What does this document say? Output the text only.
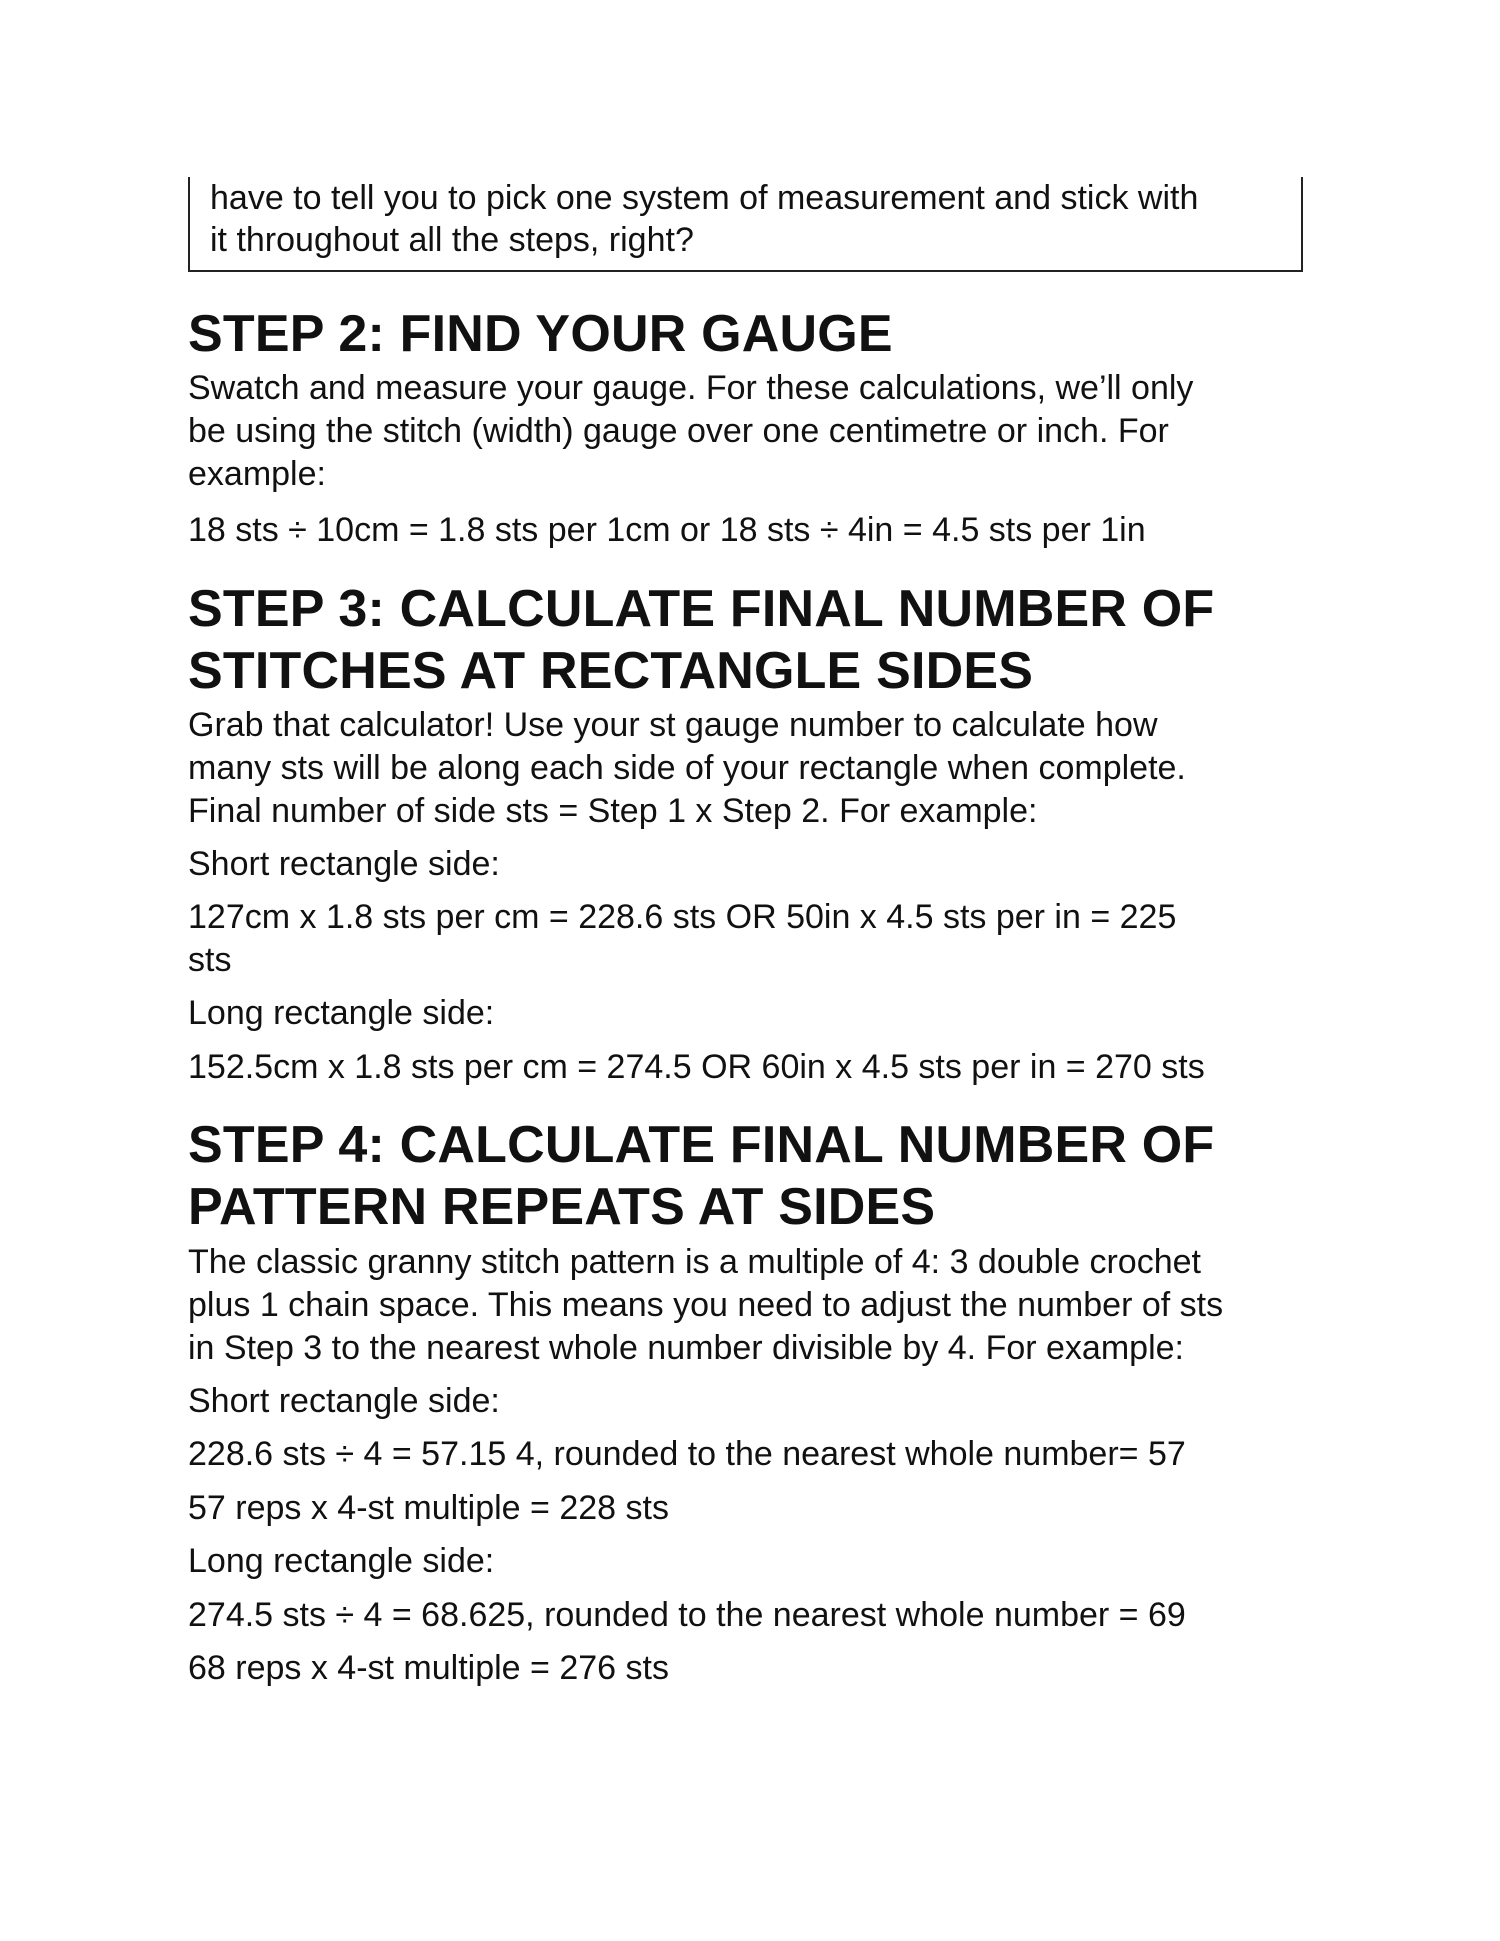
have to tell you to pick one system of measurement and stick with
it throughout all the steps, right?
STEP 2: FIND YOUR GAUGE
Swatch and measure your gauge. For these calculations, we’ll only
be using the stitch (width) gauge over one centimetre or inch. For
example:
18 sts ÷ 10cm = 1.8 sts per 1cm or 18 sts ÷ 4in = 4.5 sts per 1in
STEP 3: CALCULATE FINAL NUMBER OF
STITCHES AT RECTANGLE SIDES
Grab that calculator! Use your st gauge number to calculate how
many sts will be along each side of your rectangle when complete.
Final number of side sts = Step 1 x Step 2. For example:
Short rectangle side:
127cm x 1.8 sts per cm = 228.6 sts OR 50in x 4.5 sts per in = 225
sts
Long rectangle side:
152.5cm x 1.8 sts per cm = 274.5 OR 60in x 4.5 sts per in = 270 sts
STEP 4: CALCULATE FINAL NUMBER OF
PATTERN REPEATS AT SIDES
The classic granny stitch pattern is a multiple of 4: 3 double crochet
plus 1 chain space. This means you need to adjust the number of sts
in Step 3 to the nearest whole number divisible by 4. For example:
Short rectangle side:
228.6 sts ÷ 4 = 57.15 4, rounded to the nearest whole number= 57
57 reps x 4-st multiple = 228 sts
Long rectangle side:
274.5 sts ÷ 4 = 68.625, rounded to the nearest whole number = 69
68 reps x 4-st multiple = 276 sts
